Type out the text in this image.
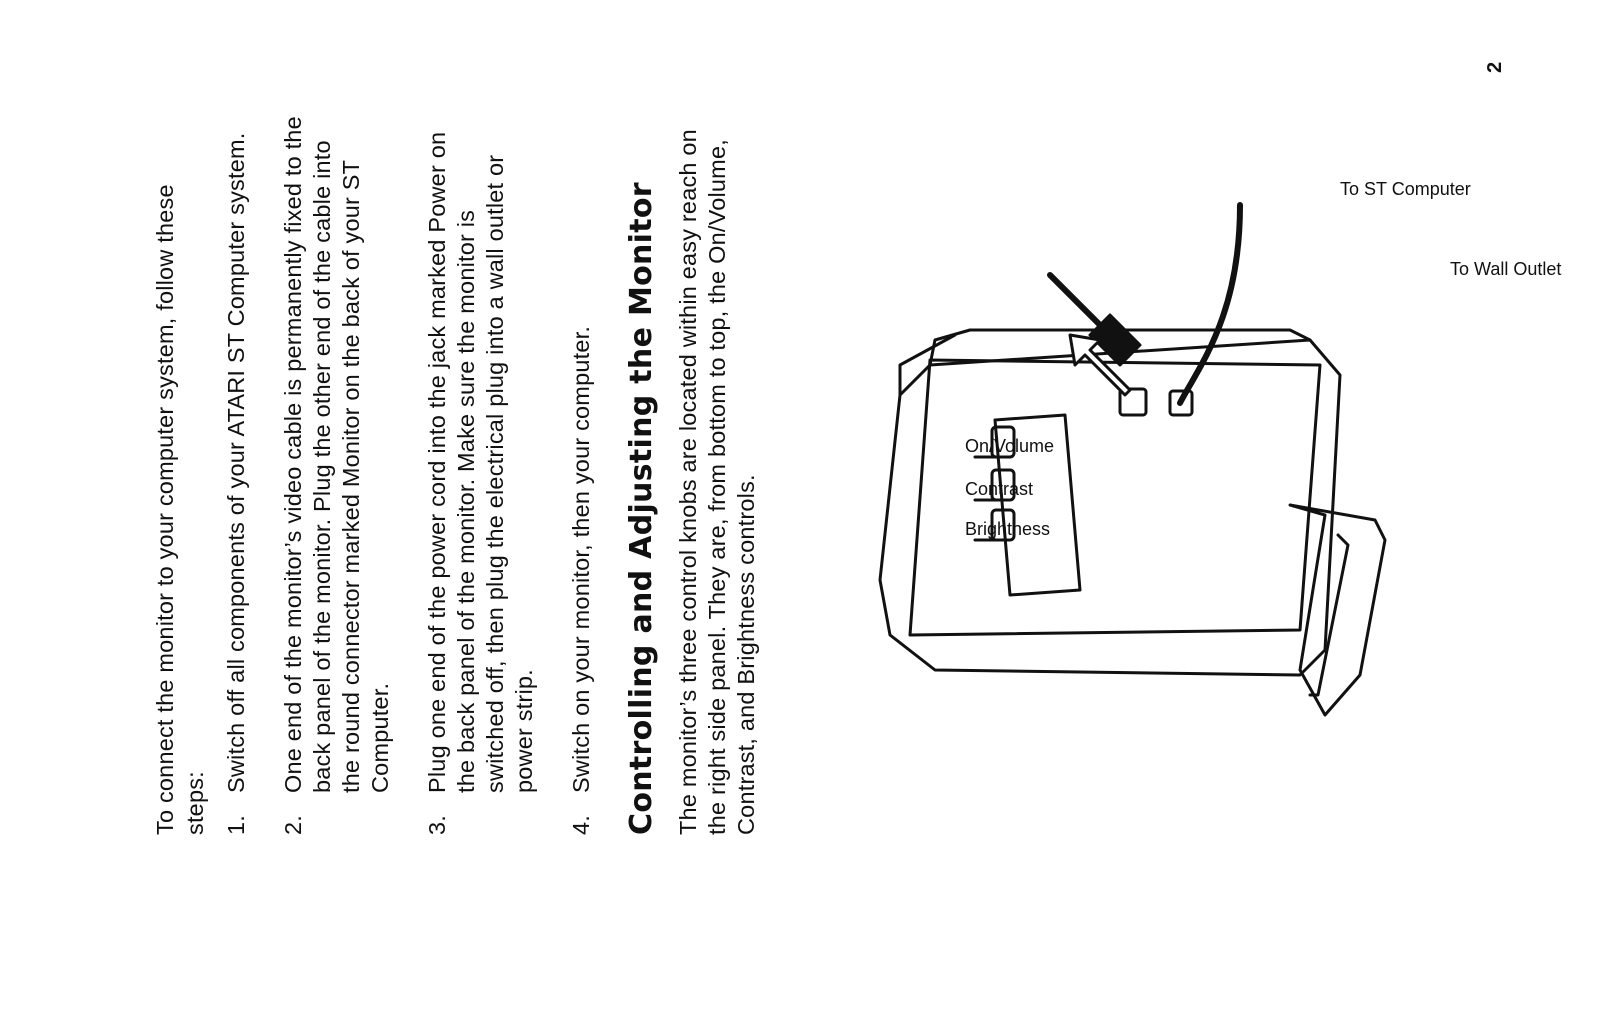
To connect the monitor to your computer system, follow these steps: 1.
Switch off all components of your ATARI ST Computer system.
2.
One end of the monitor’s video cable is permanently fixed to the back panel of the monitor. Plug the other end of the cable into the round connector marked Monitor on the back of your ST Computer.
3.
Plug one end of the power cord into the jack marked Power on the back panel of the monitor. Make sure the monitor is switched off, then plug the electrical plug into a wall outlet or power strip.
4.
Switch on your monitor, then your computer. Controlling and Adjusting the Monitor The monitor’s three control knobs are located within easy reach on the right side panel. They are, from bottom to top, the On/Volume, Contrast, and Brightness controls.	Brightness
Contrast
On/Volume
To ST Computer
To Wall Outlet
2
